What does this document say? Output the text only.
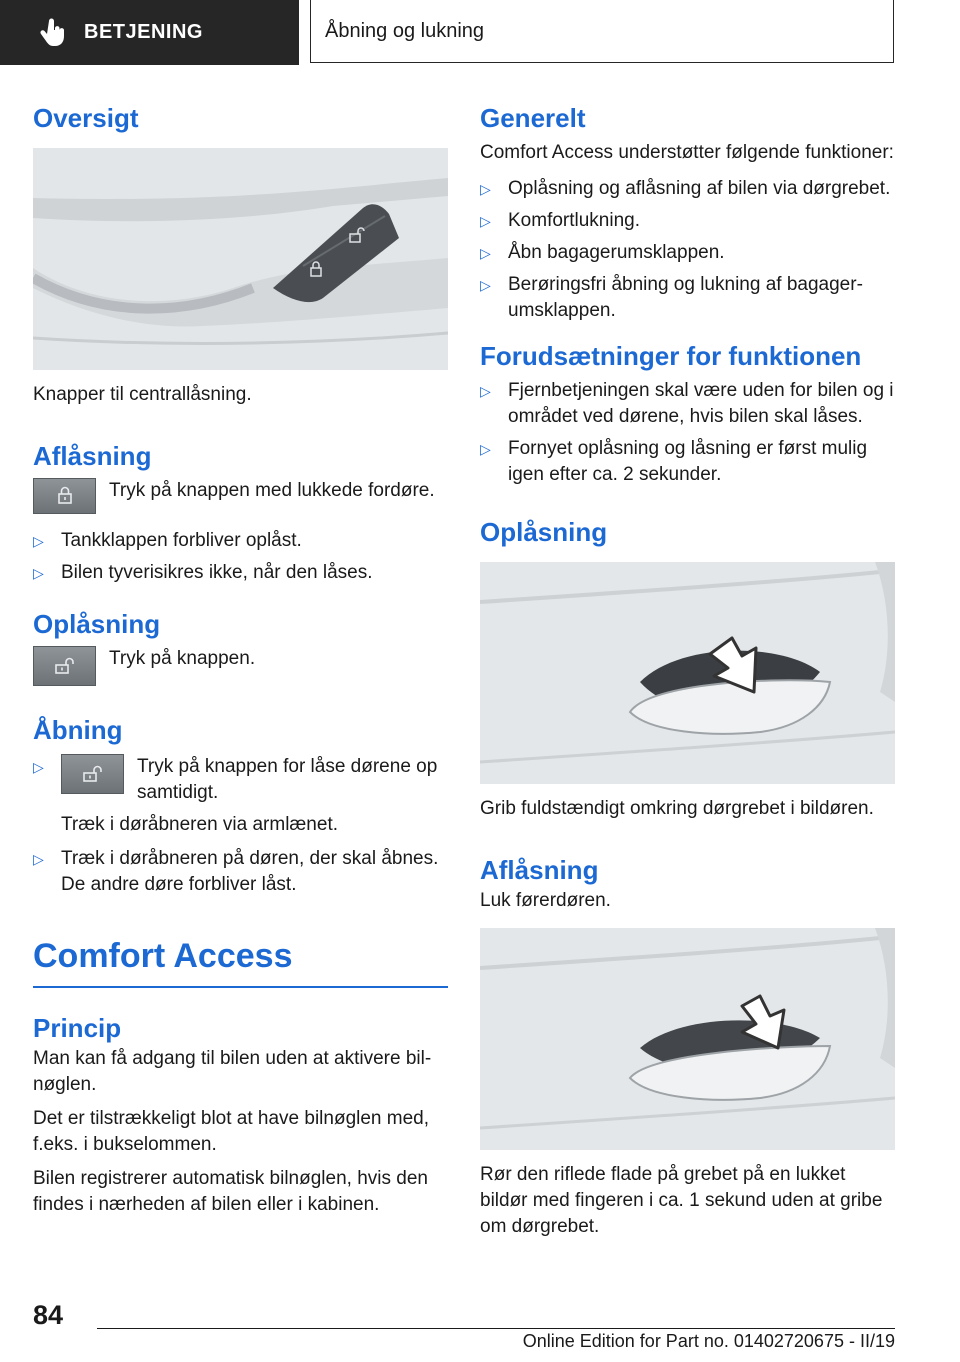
BETJENING	Åbning og lukning
Oversigt

Knapper til centrallåsning.

Aflåsning

Tryk på knappen med lukkede fordøre.

▷ Tankklappen forbliver oplåst.
▷ Bilen tyverisikres ikke, når den låses.
Oplåsning

Tryk på knappen.

Åbning
▷	Tryk på knappen for låse dørene op samtidigt.

Træk i døråbneren via armlænet.

▷ Træk i døråbneren på døren, der skal åbnes. De andre døre forbliver låst.
Comfort Access
Princip

Man kan få adgang til bilen uden at aktivere bilnøglen.

Det er tilstrækkeligt blot at have bilnøglen med, f.eks. i bukselommen.

Bilen registrerer automatisk bilnøglen, hvis den findes i nærheden af bilen eller i kabinen.

Generelt

Comfort Access understøtter følgende funktioner:

▷ Oplåsning og aflåsning af bilen via dørgrebet.
▷ Komfortlukning.
▷ Åbn bagagerumsklappen.
▷ Berøringsfri åbning og lukning af bagagerumsklappen.
Forudsætninger for funktionen
▷ Fjernbetjeningen skal være uden for bilen og i området ved dørene, hvis bilen skal låses.
▷ Fornyet oplåsning og låsning er først mulig igen efter ca. 2 sekunder.
Oplåsning

Grib fuldstændigt omkring dørgrebet i bildøren.

Aflåsning

Luk førerdøren.

Rør den riflede flade på grebet på en lukket bildør med fingeren i ca. 1 sekund uden at gribe om dørgrebet.

84
Online Edition for Part no. 01402720675 - II/19
